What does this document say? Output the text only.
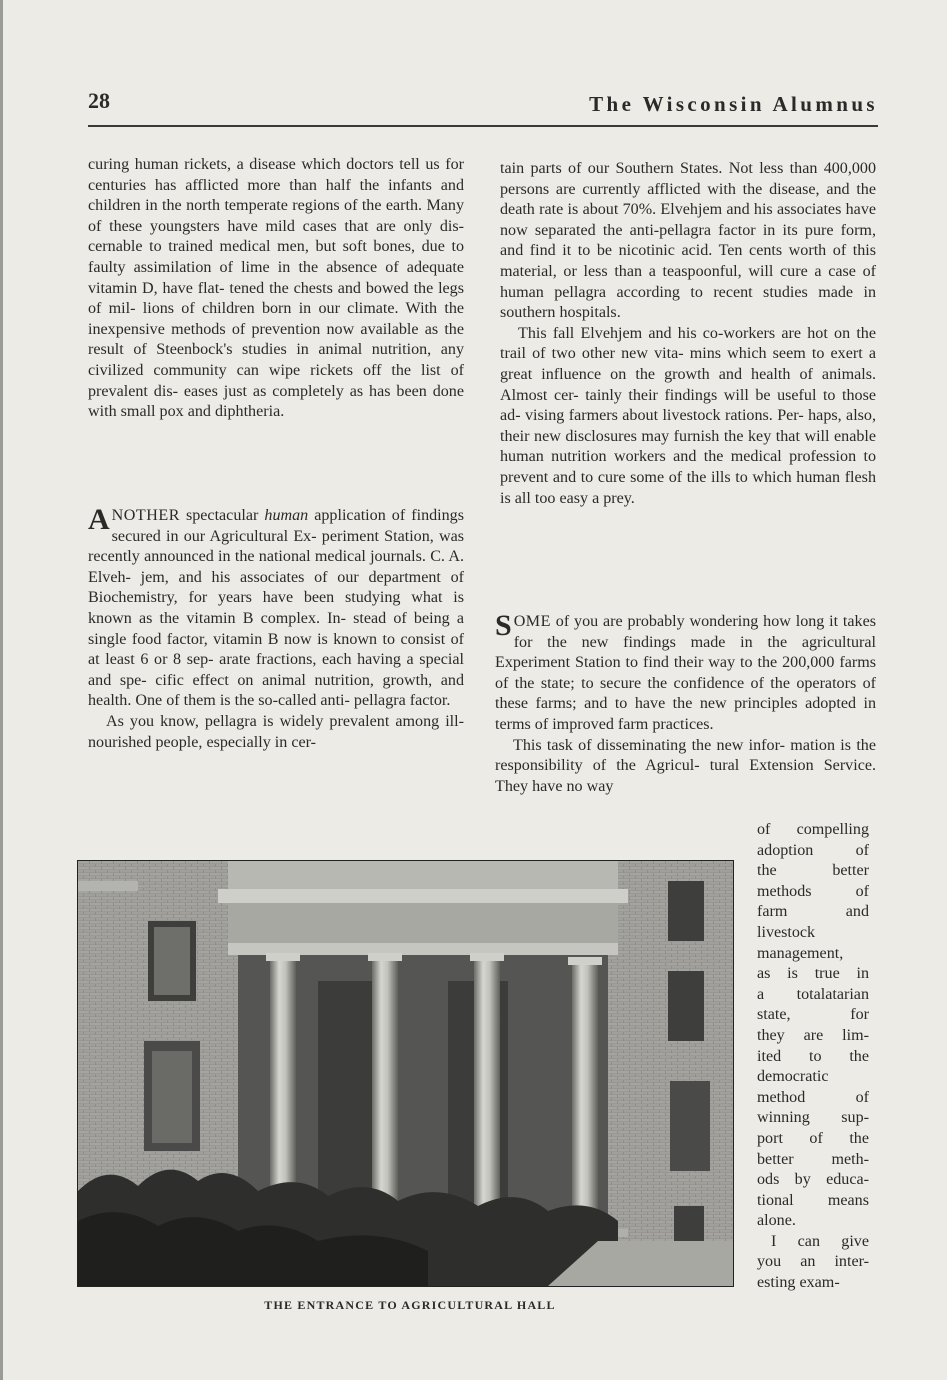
28	The Wisconsin Alumnus

curing human rickets, a disease which doctors tell us for centuries has afflicted more than half the infants and children in the north temperate regions of the earth. Many of these youngsters have mild cases that are only dis- cernable to trained medical men, but soft bones, due to faulty assimilation of lime in the absence of adequate vitamin D, have flat- tened the chests and bowed the legs of mil- lions of children born in our climate. With the inexpensive methods of prevention now available as the result of Steenbock's studies in animal nutrition, any civilized community can wipe rickets off the list of prevalent dis- eases just as completely as has been done with small pox and diphtheria.

ANOTHER spectacular human application of findings secured in our Agricultural Ex- periment Station, was recently announced in the national medical journals. C. A. Elveh- jem, and his associates of our department of Biochemistry, for years have been studying what is known as the vitamin B complex. In- stead of being a single food factor, vitamin B now is known to consist of at least 6 or 8 sep- arate fractions, each having a special and spe- cific effect on animal nutrition, growth, and health. One of them is the so-called anti- pellagra factor.

As you know, pellagra is widely prevalent among ill-nourished people, especially in cer-

tain parts of our Southern States. Not less than 400,000 persons are currently afflicted with the disease, and the death rate is about 70%. Elvehjem and his associates have now separated the anti-pellagra factor in its pure form, and find it to be nicotinic acid. Ten cents worth of this material, or less than a teaspoonful, will cure a case of human pellagra according to recent studies made in southern hospitals.

This fall Elvehjem and his co-workers are hot on the trail of two other new vita- mins which seem to exert a great influence on the growth and health of animals. Almost cer- tainly their findings will be useful to those ad- vising farmers about livestock rations. Per- haps, also, their new disclosures may furnish the key that will enable human nutrition workers and the medical profession to prevent and to cure some of the ills to which human flesh is all too easy a prey.

SOME of you are probably wondering how long it takes for the new findings made in the agricultural Experiment Station to find their way to the 200,000 farms of the state; to secure the confidence of the operators of these farms; and to have the new principles adopted in terms of improved farm practices.

This task of disseminating the new infor- mation is the responsibility of the Agricul- tural Extension Service. They have no way

of compelling

adoption of

the better

methods of

farm and

livestock

management,

as is true in

a totalatarian

state, for

they are lim-

ited to the

democratic

method of

winning sup-

port of the

better meth-

ods by educa-

tional means

alone.

I can give

you an inter-

esting exam-

THE ENTRANCE TO AGRICULTURAL HALL
